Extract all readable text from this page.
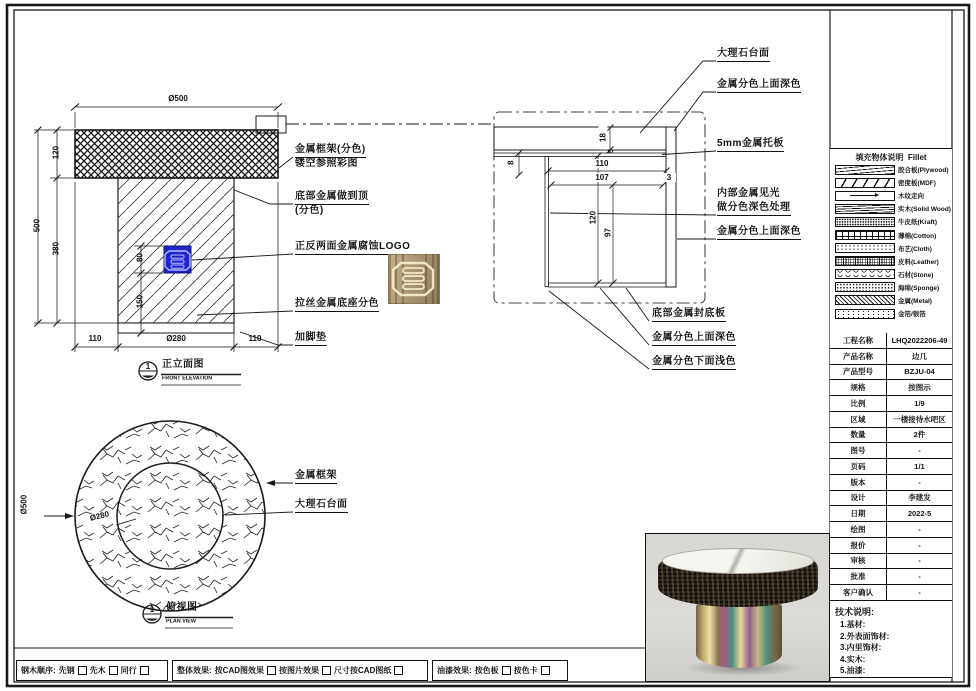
Ø500
120
380
500
80
150
110	Ø280	110
金属框架(分色)
镂空参照彩图
底部金属做到顶
(分色)
正反两面金属腐蚀LOGO
拉丝金属底座分色
加脚垫
1	正立面图
FRONT ELEVATION
18
5
110
107	3
120
97
8
大理石台面
金属分色上面深色
5mm金属托板
内部金属见光
做分色深色处理
金属分色上面深色
底部金属封底板
金属分色上面深色
金属分色下面浅色
Ø500
Ø280
金属框架
大理石台面
1	俯视图
PLAN VIEW
填充物体说明 Fillet
胶合板(Plywood)
密度板(MDF)
木纹走向
实木(Solid Wood)
牛皮纸(Kraft)
薄棉(Cotton)
布艺(Cloth)
皮料(Leather)
石材(Stone)
海绵(Sponge)
金属(Metal)
金箔/银箔
工程名称	LHQ2022206-49
产品名称	边几
产品型号	BZJU-04
规格	按图示
比例	1/9
区域	一楼接待水吧区
数量	2件
图号	-
页码	1/1
版本	-
设计	李建发
日期	2022-5
绘图	-
报价	-
审核	-
批准	-
客户确认	-
技术说明:
1.基材:
2.外表面饰材:
3.内里饰材:
4.实木:
5.油漆:
钢木顺序: 先钢 先木 同行	整体效果: 按CAD图效果 按图片效果 尺寸按CAD图纸	油漆效果: 按色板 按色卡
